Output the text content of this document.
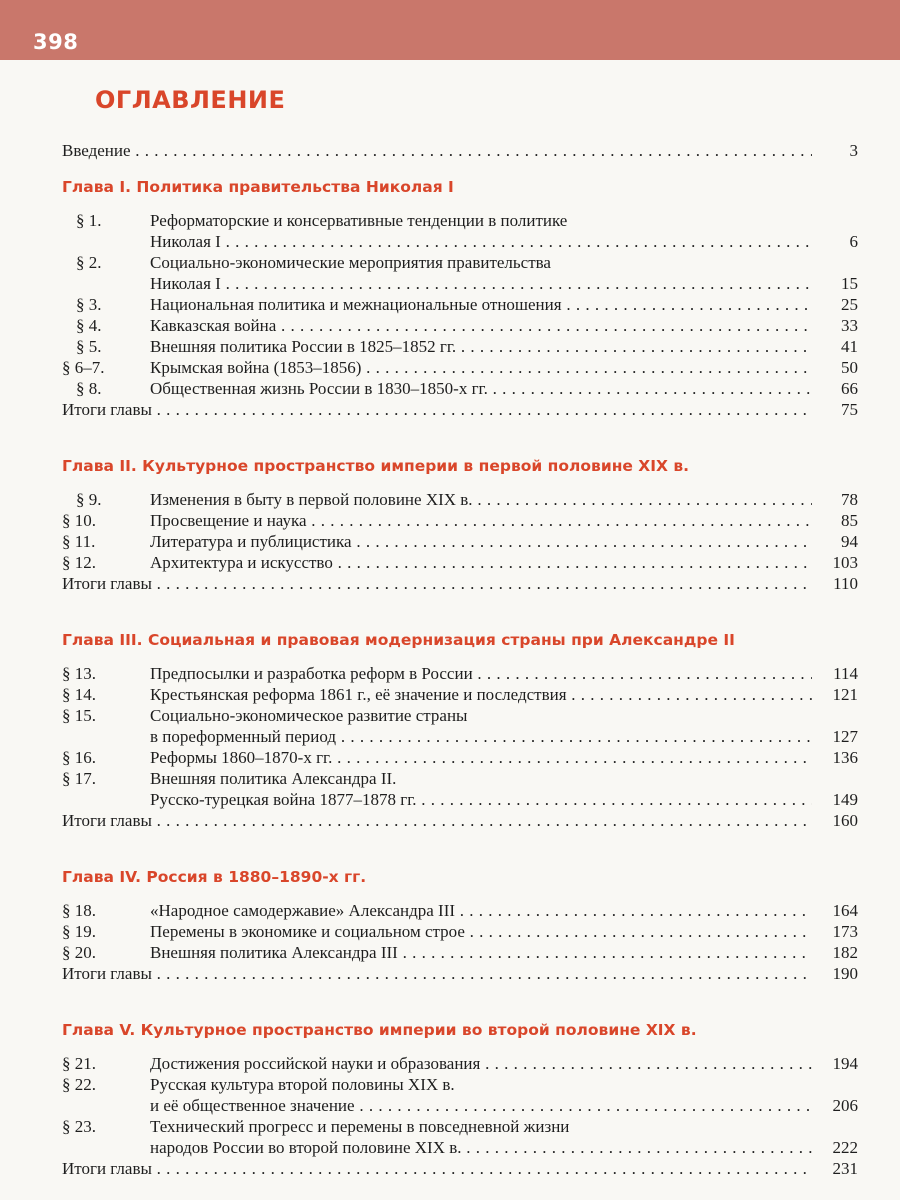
398
ОГЛАВЛЕНИЕ
Введение . . .	3
Глава I. Политика правительства Николая I
§ 1.	Реформаторские и консервативные тенденции в политике
Николая I . . .	6
§ 2.	Социально-экономические мероприятия правительства
Николая I . . .	15
§ 3.	Национальная политика и межнациональные отношения . . .	25
§ 4.	Кавказская война . . .	33
§ 5.	Внешняя политика России в 1825–1852 гг. . . .	41
§ 6–7.	Крымская война (1853–1856) . . .	50
§ 8.	Общественная жизнь России в 1830–1850-х гг. . . .	66
Итоги главы . . .	75
Глава II. Культурное пространство империи в первой половине XIX в.
§ 9.	Изменения в быту в первой половине XIX в. . . .	78
§ 10.	Просвещение и наука . . .	85
§ 11.	Литература и публицистика . . .	94
§ 12.	Архитектура и искусство . . .	103
Итоги главы . . .	110
Глава III. Социальная и правовая модернизация страны при Александре II
§ 13.	Предпосылки и разработка реформ в России . . .	114
§ 14.	Крестьянская реформа 1861 г., её значение и последствия . . .	121
§ 15.	Социально-экономическое развитие страны
в пореформенный период . . .	127
§ 16.	Реформы 1860–1870-х гг. . . .	136
§ 17.	Внешняя политика Александра II.
Русско-турецкая война 1877–1878 гг. . . .	149
Итоги главы . . .	160
Глава IV. Россия в 1880–1890-х гг.
§ 18.	«Народное самодержавие» Александра III . . .	164
§ 19.	Перемены в экономике и социальном строе . . .	173
§ 20.	Внешняя политика Александра III . . .	182
Итоги главы . . .	190
Глава V. Культурное пространство империи во второй половине XIX в.
§ 21.	Достижения российской науки и образования . . .	194
§ 22.	Русская культура второй половины XIX в.
и её общественное значение . . .	206
§ 23.	Технический прогресс и перемены в повседневной жизни
народов России во второй половине XIX в. . . .	222
Итоги главы . . .	231
